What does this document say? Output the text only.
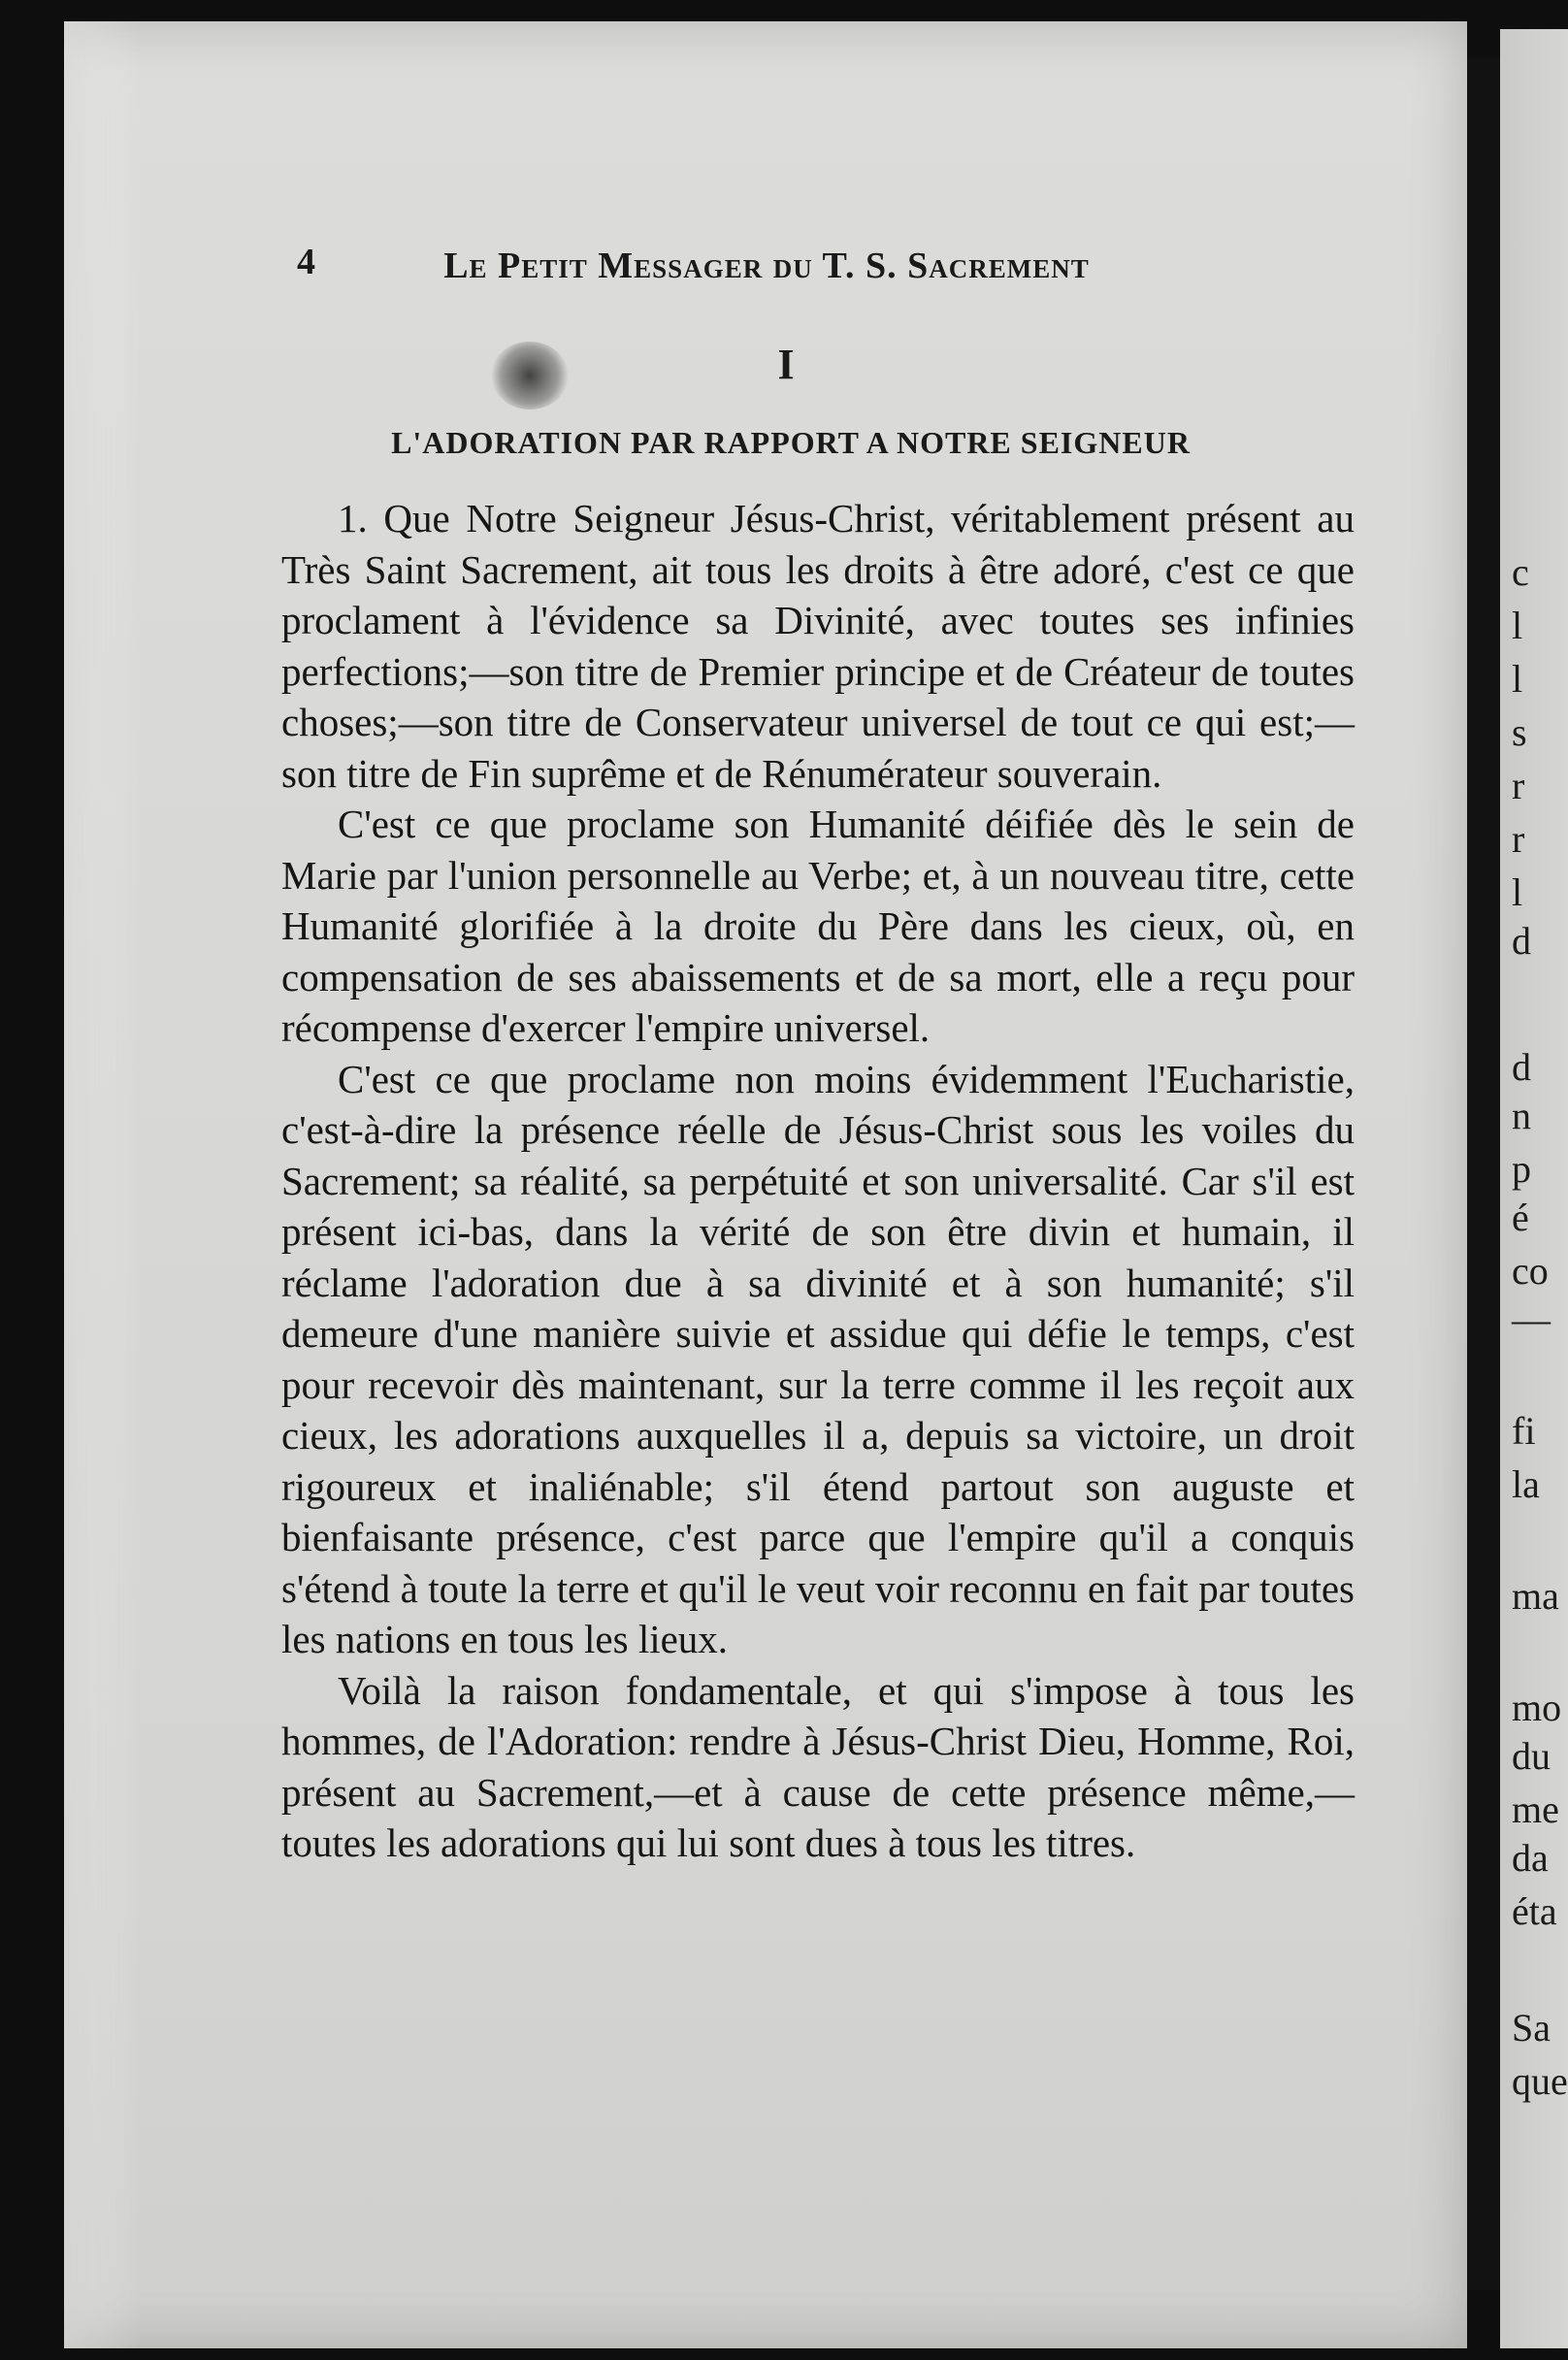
c
l
l
s
r
r
l
d
d
n
p
é
co
—
fi
la
ma
mo
du
me
da
éta
Sa
que
4	Le Petit Messager du T. S. Sacrement
I
L'ADORATION PAR RAPPORT A NOTRE SEIGNEUR

1. Que Notre Seigneur Jésus-Christ, véritablement présent au Très Saint Sacrement, ait tous les droits à être adoré, c'est ce que proclament à l'évidence sa Divinité, avec toutes ses infinies perfections;—son titre de Premier principe et de Créateur de toutes choses;—son titre de Conservateur universel de tout ce qui est;—son titre de Fin suprême et de Rénumérateur souverain.

C'est ce que proclame son Humanité déifiée dès le sein de Marie par l'union personnelle au Verbe; et, à un nouveau titre, cette Humanité glorifiée à la droite du Père dans les cieux, où, en compensation de ses abaissements et de sa mort, elle a reçu pour récompense d'exercer l'empire universel.

C'est ce que proclame non moins évidemment l'Eucharistie, c'est-à-dire la présence réelle de Jésus-Christ sous les voiles du Sacrement; sa réalité, sa perpétuité et son universalité. Car s'il est présent ici-bas, dans la vérité de son être divin et humain, il réclame l'adoration due à sa divinité et à son humanité; s'il demeure d'une manière suivie et assidue qui défie le temps, c'est pour recevoir dès maintenant, sur la terre comme il les reçoit aux cieux, les adorations auxquelles il a, depuis sa victoire, un droit rigoureux et inaliénable; s'il étend partout son auguste et bienfaisante présence, c'est parce que l'empire qu'il a conquis s'étend à toute la terre et qu'il le veut voir reconnu en fait par toutes les nations en tous les lieux.

Voilà la raison fondamentale, et qui s'impose à tous les hommes, de l'Adoration: rendre à Jésus-Christ Dieu, Homme, Roi, présent au Sacrement,—et à cause de cette présence même,—toutes les adorations qui lui sont dues à tous les titres.
